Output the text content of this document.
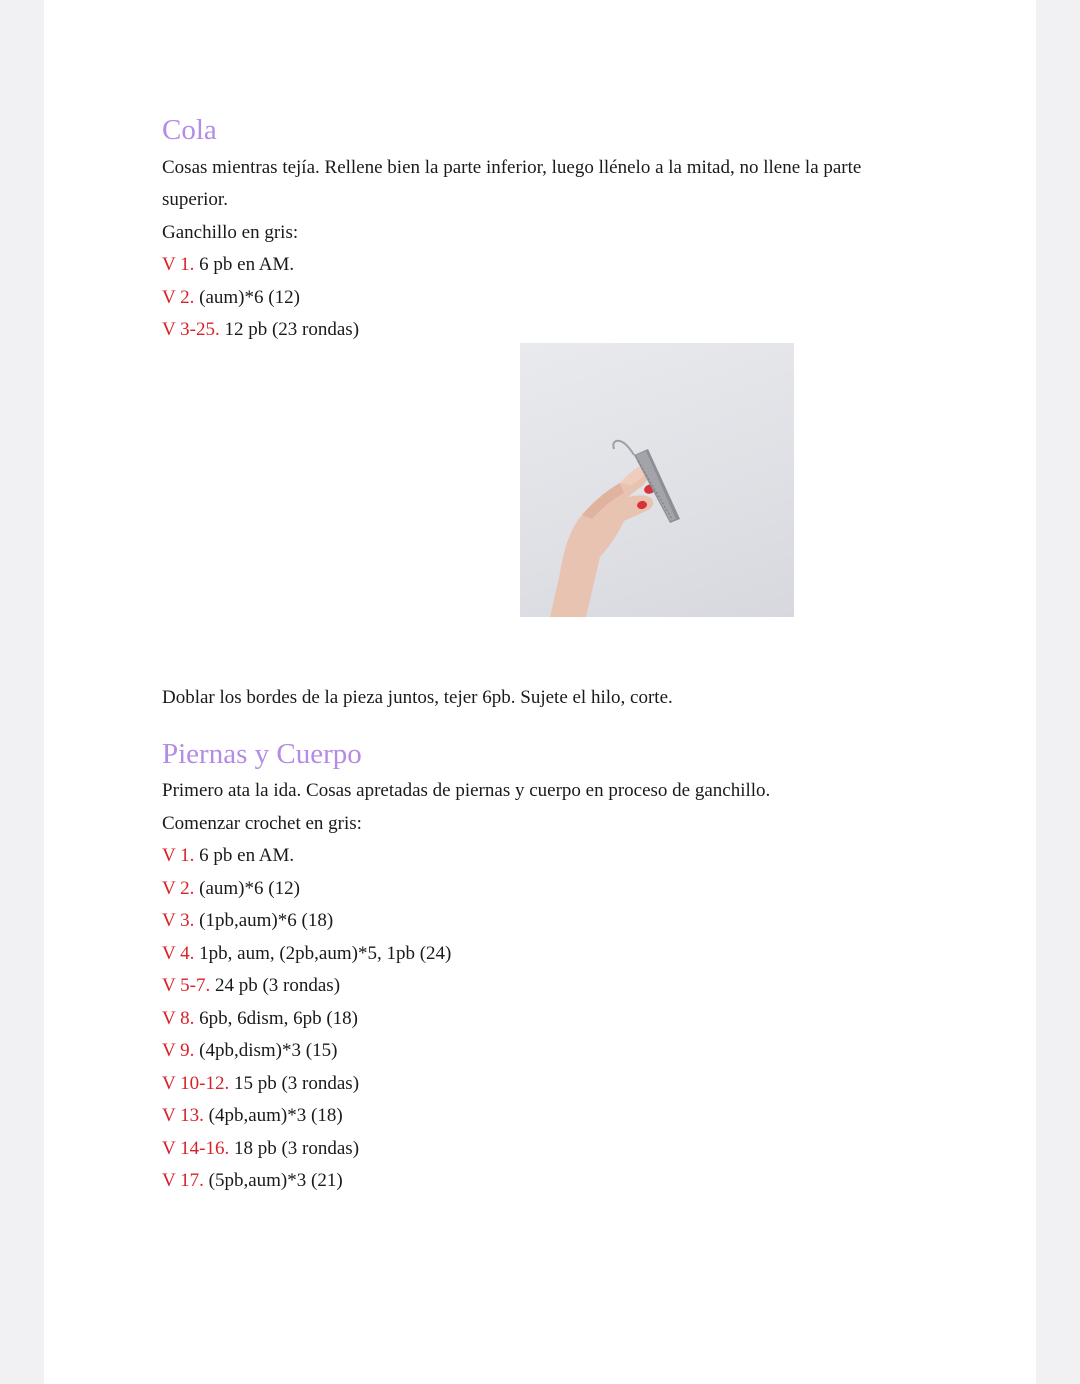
Cola

Cosas mientras tejía. Rellene bien la parte inferior, luego llénelo a la mitad, no llene la parte superior.

Ganchillo en gris:

V 1. 6 pb en AM.

V 2. (aum)*6 (12)

V 3-25. 12 pb (23 rondas)

Doblar los bordes de la pieza juntos, tejer 6pb. Sujete el hilo, corte.

Piernas y Cuerpo

Primero ata la ida. Cosas apretadas de piernas y cuerpo en proceso de ganchillo.

Comenzar crochet en gris:

V 1. 6 pb en AM.

V 2. (aum)*6 (12)

V 3. (1pb,aum)*6 (18)

V 4. 1pb, aum, (2pb,aum)*5, 1pb (24)

V 5-7. 24 pb (3 rondas)

V 8. 6pb, 6dism, 6pb (18)

V 9. (4pb,dism)*3 (15)

V 10-12. 15 pb (3 rondas)

V 13. (4pb,aum)*3 (18)

V 14-16. 18 pb (3 rondas)

V 17. (5pb,aum)*3 (21)
